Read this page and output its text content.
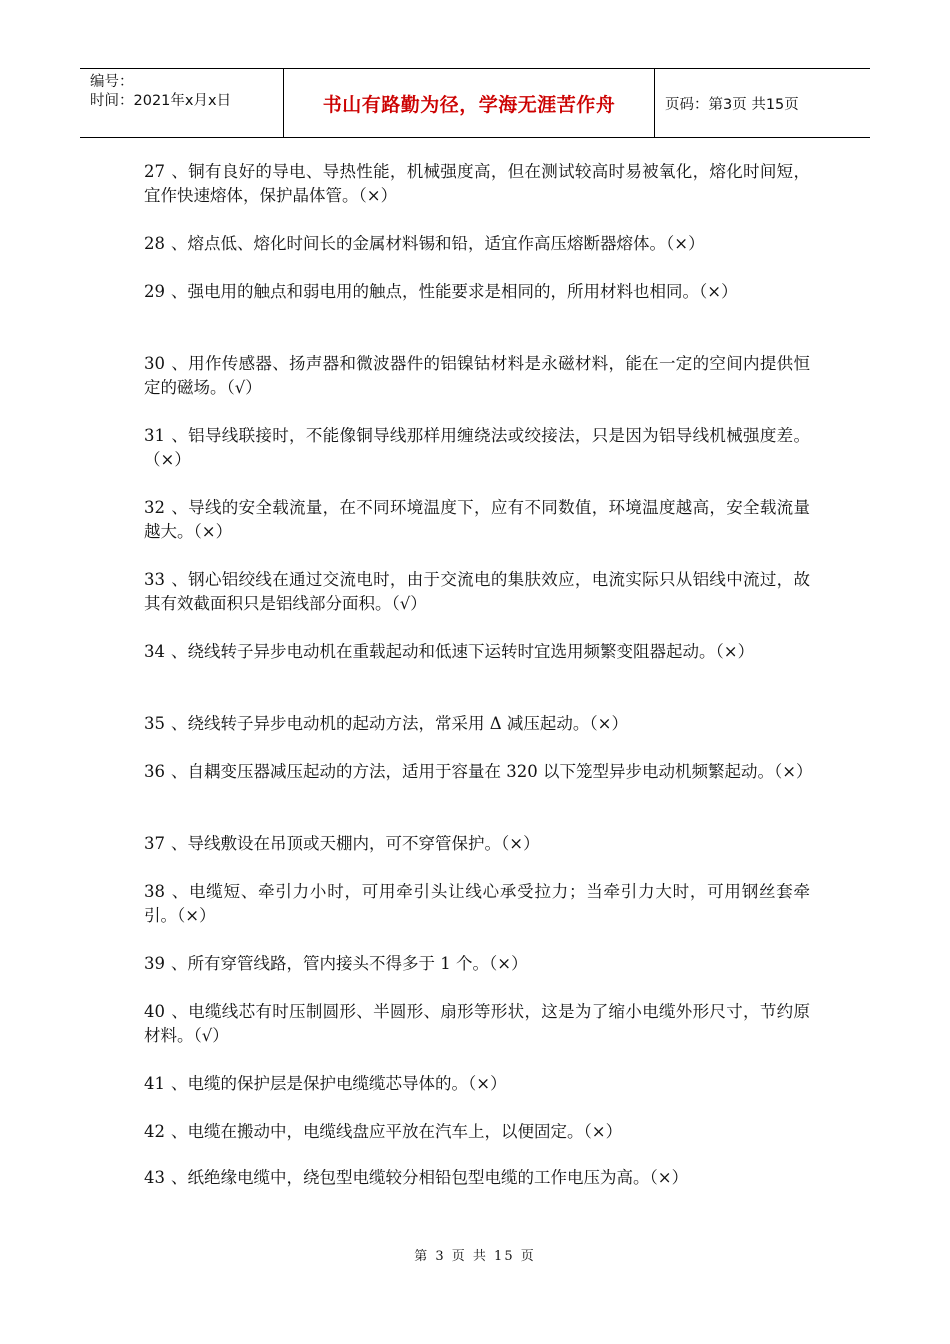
编号：
时间：2021年x月x日	书山有路勤为径，学海无涯苦作舟	页码：第3页 共15页

27 、铜有良好的导电、导热性能，机械强度高，但在测试较高时易被氧化，熔化时间短，宜作快速熔体，保护晶体管。（×）

28 、熔点低、熔化时间长的金属材料锡和铅，适宜作高压熔断器熔体。（×）

29 、强电用的触点和弱电用的触点，性能要求是相同的，所用材料也相同。（×）

30 、用作传感器、扬声器和微波器件的铝镍钴材料是永磁材料，能在一定的空间内提供恒定的磁场。（√）

31 、铝导线联接时，不能像铜导线那样用缠绕法或绞接法，只是因为铝导线机械强度差。（×）

32 、导线的安全载流量，在不同环境温度下，应有不同数值，环境温度越高，安全载流量越大。（×）

33 、钢心铝绞线在通过交流电时，由于交流电的集肤效应，电流实际只从铝线中流过，故其有效截面积只是铝线部分面积。（√）

34 、绕线转子异步电动机在重载起动和低速下运转时宜选用频繁变阻器起动。（×）

35 、绕线转子异步电动机的起动方法，常采用 Δ 减压起动。（×）

36 、自耦变压器减压起动的方法，适用于容量在 320 以下笼型异步电动机频繁起动。（×）

37 、导线敷设在吊顶或天棚内，可不穿管保护。（×）

38 、电缆短、牵引力小时，可用牵引头让线心承受拉力；当牵引力大时，可用钢丝套牵引。（×）

39 、所有穿管线路，管内接头不得多于 1 个。（×）

40 、电缆线芯有时压制圆形、半圆形、扇形等形状，这是为了缩小电缆外形尺寸，节约原材料。（√）

41 、电缆的保护层是保护电缆缆芯导体的。（×）

42 、电缆在搬动中，电缆线盘应平放在汽车上，以便固定。（×）

43 、纸绝缘电缆中，绕包型电缆较分相铅包型电缆的工作电压为高。（×）

第 3 页 共 15 页
